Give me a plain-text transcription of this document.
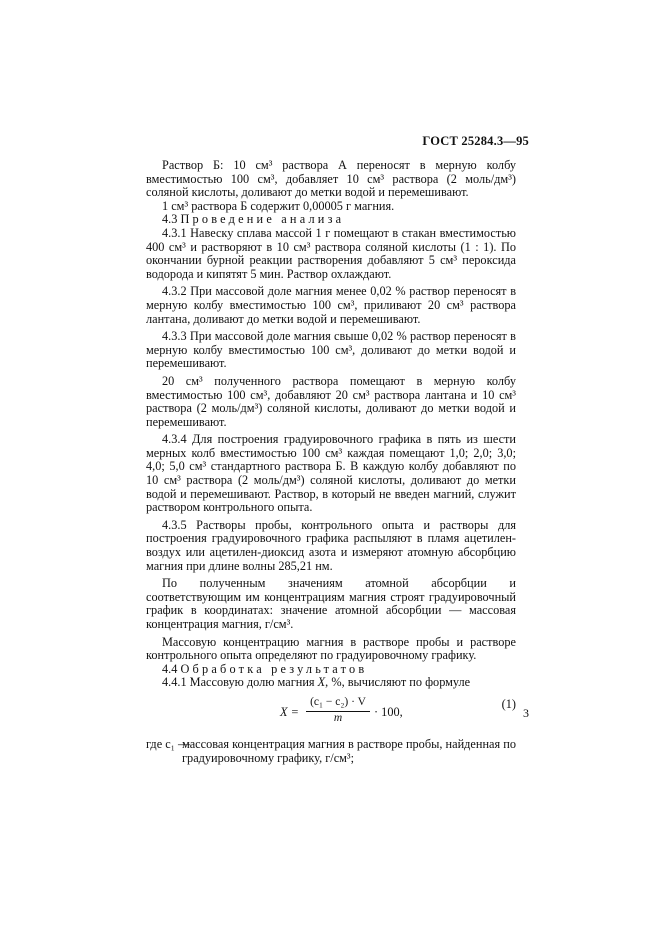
ГОСТ 25284.3—95

Раствор Б: 10 см³ раствора А переносят в мерную колбу вместимостью 100 см³, добавляет 10 см³ раствора (2 моль/дм³) соляной кислоты, доливают до метки водой и перемешивают.

1 см³ раствора Б содержит 0,00005 г магния.

4.3 Проведение анализа

4.3.1 Навеску сплава массой 1 г помещают в стакан вместимостью 400 см³ и растворяют в 10 см³ раствора соляной кислоты (1 : 1). По окончании бурной реакции растворения добавляют 5 см³ пероксида водорода и кипятят 5 мин. Раствор охлаждают.

4.3.2 При массовой доле магния менее 0,02 % раствор переносят в мерную колбу вместимостью 100 см³, приливают 20 см³ раствора лантана, доливают до метки водой и перемешивают.

4.3.3 При массовой доле магния свыше 0,02 % раствор переносят в мерную колбу вместимостью 100 см³, доливают до метки водой и перемешивают.

20 см³ полученного раствора помещают в мерную колбу вместимостью 100 см³, добавляют 20 см³ раствора лантана и 10 см³ раствора (2 моль/дм³) соляной кислоты, доливают до метки водой и перемешивают.

4.3.4 Для построения градуировочного графика в пять из шести мерных колб вместимостью 100 см³ каждая помещают 1,0; 2,0; 3,0; 4,0; 5,0 см³ стандартного раствора Б. В каждую колбу добавляют по 10 см³ раствора (2 моль/дм³) соляной кислоты, доливают до метки водой и перемешивают. Раствор, в который не введен магний, служит раствором контрольного опыта.

4.3.5 Растворы пробы, контрольного опыта и растворы для построения градуировочного графика распыляют в пламя ацетилен-воздух или ацетилен-диоксид азота и измеряют атомную абсорбцию магния при длине волны 285,21 нм.

По полученным значениям атомной абсорбции и соответствующим им концентрациям магния строят градуировочный график в координатах: значение атомной абсорбции — массовая концентрация магния, г/см³.

Массовую концентрацию магния в растворе пробы и растворе контрольного опыта определяют по градуировочному графику.

4.4 Обработка результатов

4.4.1 Массовую долю магния X, %, вычисляют по формуле

$X = \frac{\text{(c₁ − c₂) · V}}{m} \cdot 100$,
(1)

где c₁ —
массовая концентрация магния в растворе пробы, найденная по градуировочному графику, г/см³;

3
